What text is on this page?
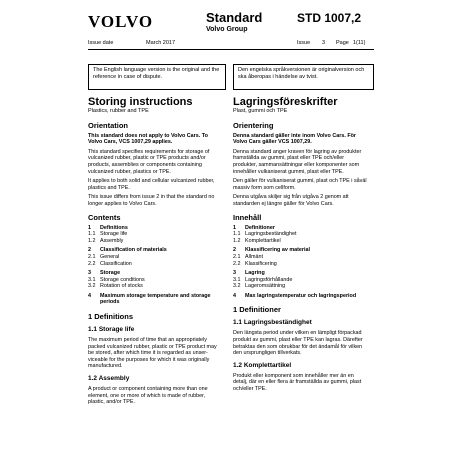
VOLVO	Standard
Volvo Group
STD 1007,2
Issue date	March 2017	Issue 3 Page 1(11)
The English language version is the original and the reference in case of dispute.
Den engelska språkversionen är originalversion och ska åberopas i händelse av tvist.
Storing instructions
Plastics, rubber and TPE
Orientation
This standard does not apply to Volvo Cars. To Volvo Cars, VCS 1007,29 applies.
This standard specifies requirements for storage of vulcanized rubber, plastic or TPE products and/or products, assemblies or components containing vulcanized rubber, plastics or TPE.
It applies to both solid and cellular vulcanized rubber, plastics and TPE.
This issue differs from issue 2 in that the standard no longer applies to Volvo Cars.
Contents
1	Definitions
1.1 Storage life
1.2 Assembly
2	Classification of materials
2.1 General
2.2 Classification
3	Storage
3.1 Storage conditions
3.2 Rotation of stocks
4	Maximum storage temperature and storage periods
1 Definitions
1.1 Storage life
The maximum period of time that an appropriately packed vulcanized rubber, plastic or TPE product may be stored, after which time it is regarded as unser- viceable for the purposes for which it was originally manufactured.
1.2 Assembly
A product or component containing more than one element, one or more of which is made of rubber, plastic, and/or TPE.
Lagringsföreskrifter
Plast, gummi och TPE
Orientering
Denna standard gäller inte inom Volvo Cars. För Volvo Cars gäller VCS 1007,29.
Denna standard anger kraven för lagring av produkter framställda av gummi, plast eller TPE och/eller produkter, sammansättningar eller komponenter som innehåller vulkaniserat gummi, plast eller TPE.
Den gäller för vulkaniserat gummi, plast och TPE i såväl massiv form som cellform.
Denna utgåva skiljer sig från utgåva 2 genom att standarden ej längre gäller för Volvo Cars.
Innehåll
1	Definitioner
1.1 Lagringsbeständighet
1.2 Komplettartikel
2	Klassificering av material
2.1 Allmänt
2.2 Klassificering
3	Lagring
3.1 Lagringsförhållande
3.2 Lageromsättning
4	Max lagringstemperatur och lagringsperiod
1 Definitioner
1.1 Lagringsbeständighet
Den längsta period under vilken en lämpligt förpackad produkt av gummi, plast eller TPE kan lagras. Därefter betraktas den som obrukbar för det ändamål för vilken den ursprungligen tillverkats.
1.2 Komplettartikel
Produkt eller komponent som innehåller mer än en detalj, där en eller flera är framställda av gummi, plast och/eller TPE.
